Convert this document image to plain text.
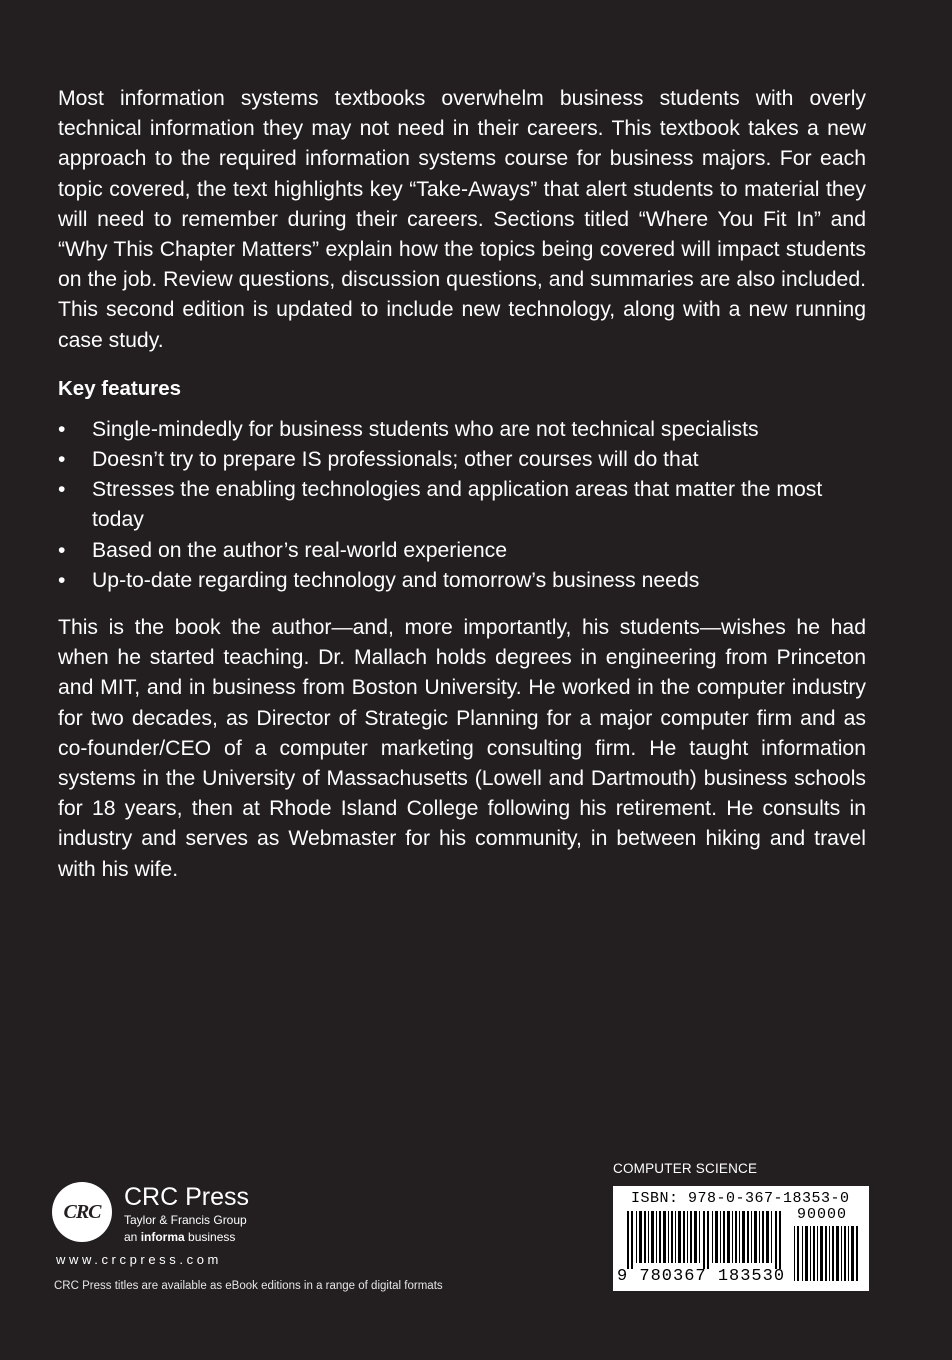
Most information systems textbooks overwhelm business students with overly technical information they may not need in their careers. This textbook takes a new approach to the required information systems course for business majors. For each topic covered, the text highlights key “Take-Aways” that alert students to material they will need to remember during their careers. Sections titled “Where You Fit In” and “Why This Chapter Matters” explain how the topics being covered will impact students on the job. Review questions, discussion questions, and summaries are also included. This second edition is updated to include new technology, along with a new running case study.

Key features
•	Single-mindedly for business students who are not technical specialists
•	Doesn’t try to prepare IS professionals; other courses will do that
•	Stresses the enabling technologies and application areas that matter the most today
•	Based on the author’s real-world experience
•	Up-to-date regarding technology and tomorrow’s business needs

This is the book the author—and, more importantly, his students—wishes he had when he started teaching. Dr. Mallach holds degrees in engineering from Princeton and MIT, and in business from Boston University. He worked in the computer industry for two decades, as Director of Strategic Planning for a major computer firm and as co-founder/CEO of a computer marketing consulting firm. He taught information systems in the University of Massachusetts (Lowell and Dartmouth) business schools for 18 years, then at Rhode Island College following his retirement. He consults in industry and serves as Webmaster for his community, in between hiking and travel with his wife.

CRC
CRC Press
Taylor & Francis Group
an informa business
www.crcpress.com
CRC Press titles are available as eBook editions in a range of digital formats
COMPUTER SCIENCE
ISBN: 978-0-367-18353-0
90000
9 780367 183530
